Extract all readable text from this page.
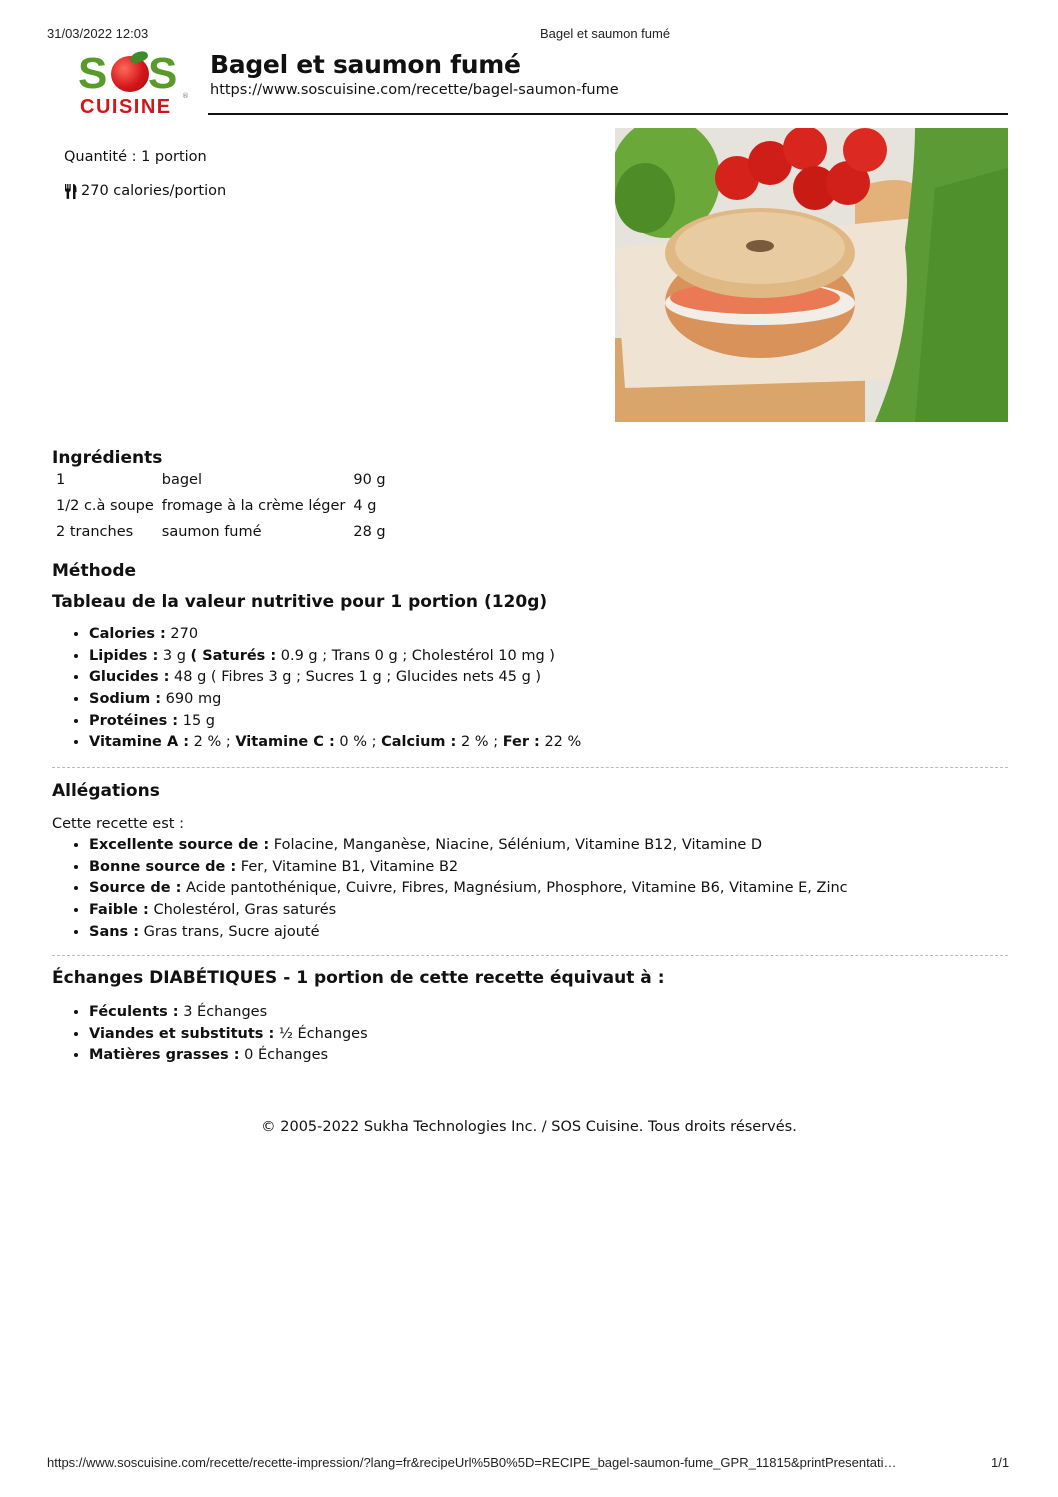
31/03/2022 12:03	Bagel et saumon fumé
S S ®
CUISINE
Bagel et saumon fumé
https://www.soscuisine.com/recette/bagel-saumon-fume
Quantité : 1 portion
270 calories/portion
Ingrédients
1	bagel	90 g
1/2 c.à soupe	fromage à la crème léger	4 g
2 tranches	saumon fumé	28 g
Méthode
Tableau de la valeur nutritive pour 1 portion (120g)
• Calories : 270
• Lipides : 3 g ( Saturés : 0.9 g ; Trans 0 g ; Cholestérol 10 mg )
• Glucides : 48 g ( Fibres 3 g ; Sucres 1 g ; Glucides nets 45 g )
• Sodium : 690 mg
• Protéines : 15 g
• Vitamine A : 2 % ; Vitamine C : 0 % ; Calcium : 2 % ; Fer : 22 %
Allégations
Cette recette est :
• Excellente source de : Folacine, Manganèse, Niacine, Sélénium, Vitamine B12, Vitamine D
• Bonne source de : Fer, Vitamine B1, Vitamine B2
• Source de : Acide pantothénique, Cuivre, Fibres, Magnésium, Phosphore, Vitamine B6, Vitamine E, Zinc
• Faible : Cholestérol, Gras saturés
• Sans : Gras trans, Sucre ajouté
Échanges DIABÉTIQUES - 1 portion de cette recette équivaut à :
• Féculents : 3 Échanges
• Viandes et substituts : ½ Échanges
• Matières grasses : 0 Échanges
© 2005-2022 Sukha Technologies Inc. / SOS Cuisine. Tous droits réservés.
https://www.soscuisine.com/recette/recette-impression/?lang=fr&recipeUrl%5B0%5D=RECIPE_bagel-saumon-fume_GPR_11815&printPresentati…	1/1
